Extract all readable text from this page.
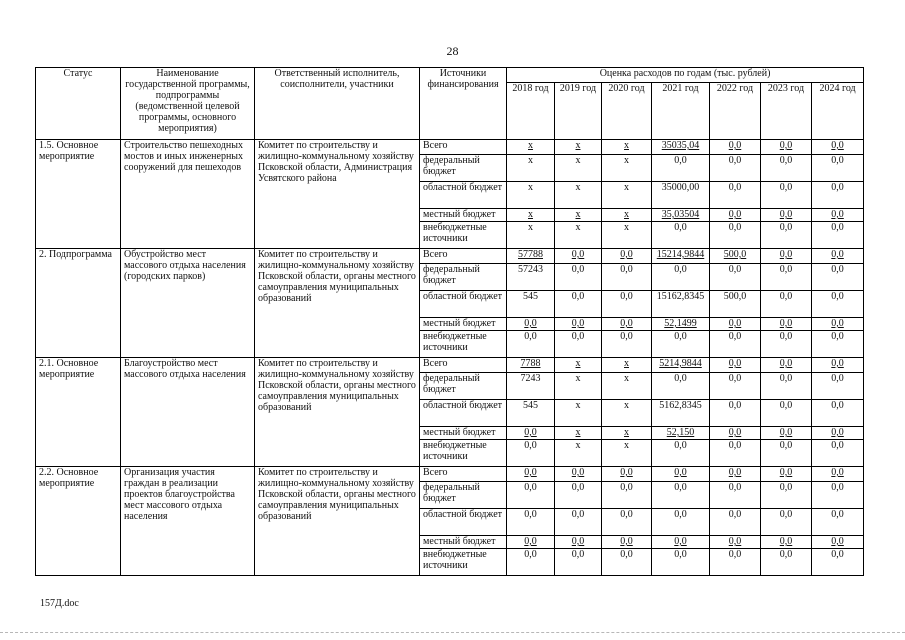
28
Статус	Наименование государственной программы, подпрограммы (ведомственной целевой программы, основного мероприятия)	Ответственный исполнитель, соисполнители, участники	Источники финансирования	Оценка расходов по годам (тыс. рублей)						
				2018 год	2019 год	2020 год	2021 год	2022 год	2023 год	2024 год
1.5. Основное мероприятие	Строительство пешеходных мостов и иных инженерных сооружений для пешеходов	Комитет по строительству и жилищно-коммунальному хозяйству Псковской области, Администрация Усвятского района	Всего	х	х	х	35035,04	0,0	0,0	0,0
			федеральный бюджет	х	х	х	0,0	0,0	0,0	0,0
			областной бюджет	х	х	х	35000,00	0,0	0,0	0,0
			местный бюджет	х	х	х	35,03504	0,0	0,0	0,0
			внебюджетные источники	х	х	х	0,0	0,0	0,0	0,0
2. Подпрограмма	Обустройство мест массового отдыха населения (городских парков)	Комитет по строительству и жилищно-коммунальному хозяйству Псковской области, органы местного самоуправления муниципальных образований	Всего	57788	0,0	0,0	15214,9844	500,0	0,0	0,0
			федеральный бюджет	57243	0,0	0,0	0,0	0,0	0,0	0,0
			областной бюджет	545	0,0	0,0	15162,8345	500,0	0,0	0,0
			местный бюджет	0,0	0,0	0,0	52,1499	0,0	0,0	0,0
			внебюджетные источники	0,0	0,0	0,0	0,0	0,0	0,0	0,0
2.1. Основное мероприятие	Благоустройство мест массового отдыха населения	Комитет по строительству и жилищно-коммунальному хозяйству Псковской области, органы местного самоуправления муниципальных образований	Всего	7788	х	х	5214,9844	0,0	0,0	0,0
			федеральный бюджет	7243	х	х	0,0	0,0	0,0	0,0
			областной бюджет	545	х	х	5162,8345	0,0	0,0	0,0
			местный бюджет	0,0	х	х	52,150	0,0	0,0	0,0
			внебюджетные источники	0,0	х	х	0,0	0,0	0,0	0,0
2.2. Основное мероприятие	Организация участия граждан в реализации проектов благоустройства мест массового отдыха населения	Комитет по строительству и жилищно-коммунальному хозяйству Псковской области, органы местного самоуправления муниципальных образований	Всего	0,0	0,0	0,0	0,0	0,0	0,0	0,0
			федеральный бюджет	0,0	0,0	0,0	0,0	0,0	0,0	0,0
			областной бюджет	0,0	0,0	0,0	0,0	0,0	0,0	0,0
			местный бюджет	0,0	0,0	0,0	0,0	0,0	0,0	0,0
			внебюджетные источники	0,0	0,0	0,0	0,0	0,0	0,0	0,0
157Д.doc
